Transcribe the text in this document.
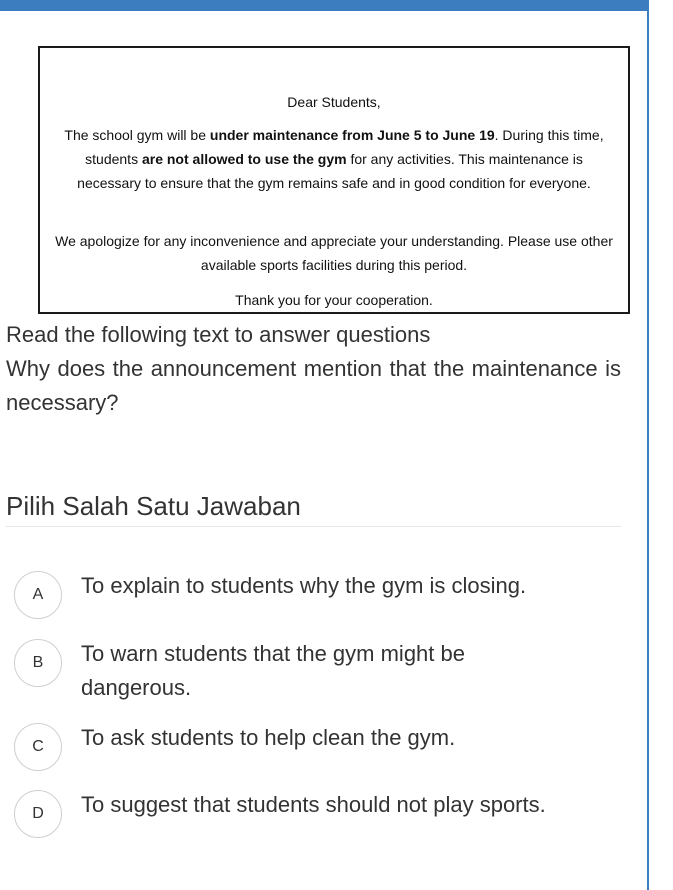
Dear Students,

The school gym will be under maintenance from June 5 to June 19. During this time, students are not allowed to use the gym for any activities. This maintenance is necessary to ensure that the gym remains safe and in good condition for everyone.

We apologize for any inconvenience and appreciate your understanding. Please use other available sports facilities during this period.

Thank you for your cooperation.

Read the following text to answer questions
Why does the announcement mention that the maintenance is necessary?
Pilih Salah Satu Jawaban
A	To explain to students why the gym is closing.
B	To warn students that the gym might be dangerous.
C	To ask students to help clean the gym.
D	To suggest that students should not play sports.
